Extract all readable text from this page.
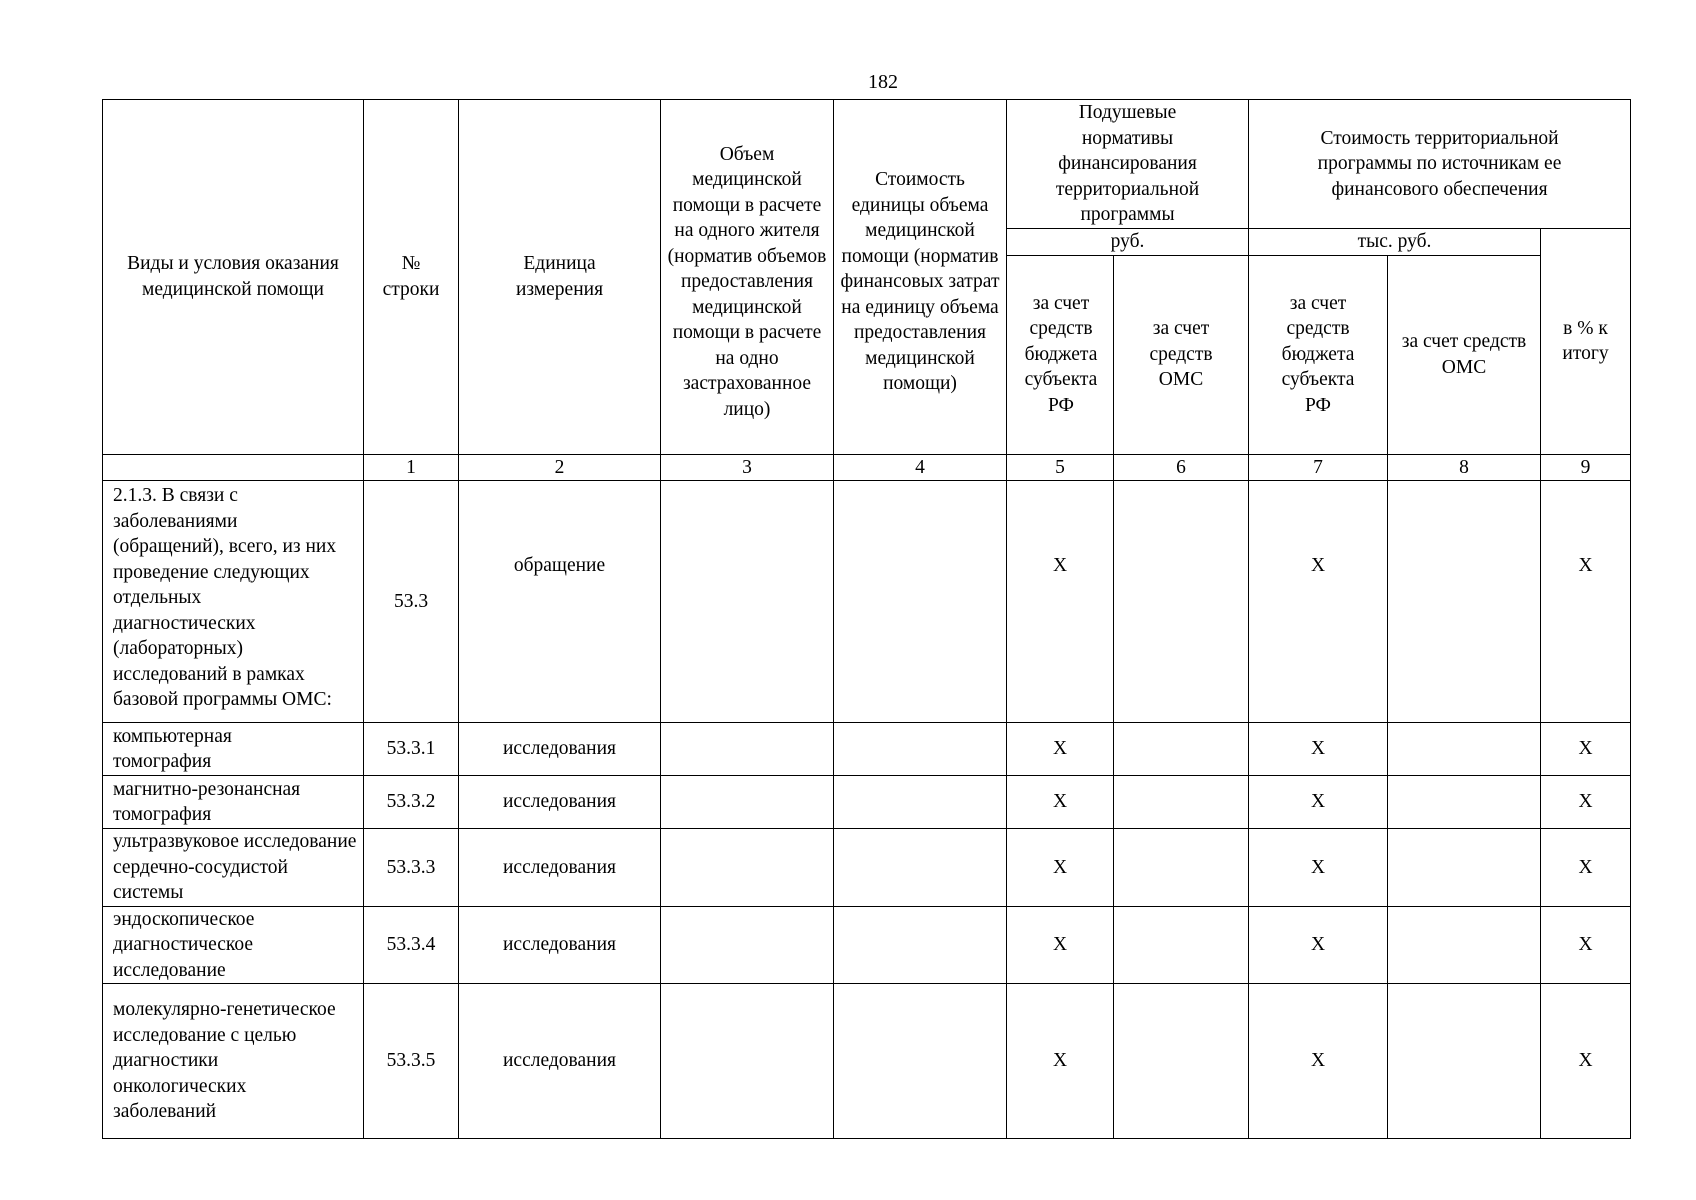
182
Виды и условия оказания медицинской помощи	№ строки	Единица измерения	Объем медицинской помощи в расчете на одного жителя (норматив объемов предоставления медицинской помощи в расчете на одно застрахованное лицо)	Стоимость единицы объема медицинской помощи (норматив финансовых затрат на единицу объема предоставления медицинской помощи)	Подушевые нормативы финансирования территориальной программы		Стоимость территориальной программы по источникам ее финансового обеспечения		
					руб.		тыс. руб.		в % к итогу
					за счет средств бюджета субъекта РФ	за счет средств ОМС	за счет средств бюджета субъекта РФ	за счет средств ОМС	
	1	2	3	4	5	6	7	8	9
2.1.3. В связи с заболеваниями (обращений), всего, из них проведение следующих отдельных диагностических (лабораторных) исследований в рамках базовой программы ОМС:	53.3	обращение			X		X		X
компьютерная томография	53.3.1	исследования			X		X		X
магнитно-резонансная томография	53.3.2	исследования			X		X		X
ультразвуковое исследование сердечно-сосудистой системы	53.3.3	исследования			X		X		X
эндоскопическое диагностическое исследование	53.3.4	исследования			X		X		X
молекулярно-генетическое исследование с целью диагностики онкологических заболеваний	53.3.5	исследования			X		X		X
